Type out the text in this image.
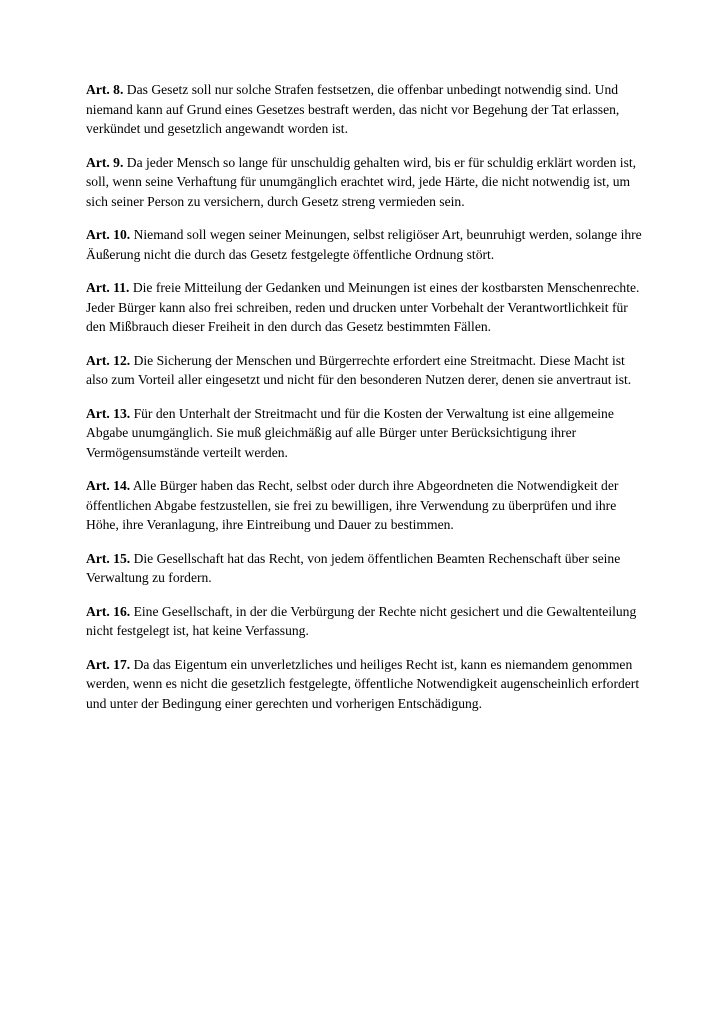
Art. 8. Das Gesetz soll nur solche Strafen festsetzen, die offenbar unbedingt notwendig sind. Und niemand kann auf Grund eines Gesetzes bestraft werden, das nicht vor Begehung der Tat erlassen, verkündet und gesetzlich angewandt worden ist.

Art. 9. Da jeder Mensch so lange für unschuldig gehalten wird, bis er für schuldig erklärt worden ist, soll, wenn seine Verhaftung für unumgänglich erachtet wird, jede Härte, die nicht notwendig ist, um sich seiner Person zu versichern, durch Gesetz streng vermieden sein.

Art. 10. Niemand soll wegen seiner Meinungen, selbst religiöser Art, beunruhigt werden, solange ihre Äußerung nicht die durch das Gesetz festgelegte öffentliche Ordnung stört.

Art. 11. Die freie Mitteilung der Gedanken und Meinungen ist eines der kostbarsten Menschenrechte. Jeder Bürger kann also frei schreiben, reden und drucken unter Vorbehalt der Verantwortlichkeit für den Mißbrauch dieser Freiheit in den durch das Gesetz bestimmten Fällen.

Art. 12. Die Sicherung der Menschen und Bürgerrechte erfordert eine Streitmacht. Diese Macht ist also zum Vorteil aller eingesetzt und nicht für den besonderen Nutzen derer, denen sie anvertraut ist.

Art. 13. Für den Unterhalt der Streitmacht und für die Kosten der Verwaltung ist eine allgemeine Abgabe unumgänglich. Sie muß gleichmäßig auf alle Bürger unter Berücksichtigung ihrer Vermögensumstände verteilt werden.

Art. 14. Alle Bürger haben das Recht, selbst oder durch ihre Abgeordneten die Notwendigkeit der öffentlichen Abgabe festzustellen, sie frei zu bewilligen, ihre Verwendung zu überprüfen und ihre Höhe, ihre Veranlagung, ihre Eintreibung und Dauer zu bestimmen.

Art. 15. Die Gesellschaft hat das Recht, von jedem öffentlichen Beamten Rechenschaft über seine Verwaltung zu fordern.

Art. 16. Eine Gesellschaft, in der die Verbürgung der Rechte nicht gesichert und die Gewaltenteilung nicht festgelegt ist, hat keine Verfassung.

Art. 17. Da das Eigentum ein unverletzliches und heiliges Recht ist, kann es niemandem genommen werden, wenn es nicht die gesetzlich festgelegte, öffentliche Notwendigkeit augenscheinlich erfordert und unter der Bedingung einer gerechten und vorherigen Entschädigung.
